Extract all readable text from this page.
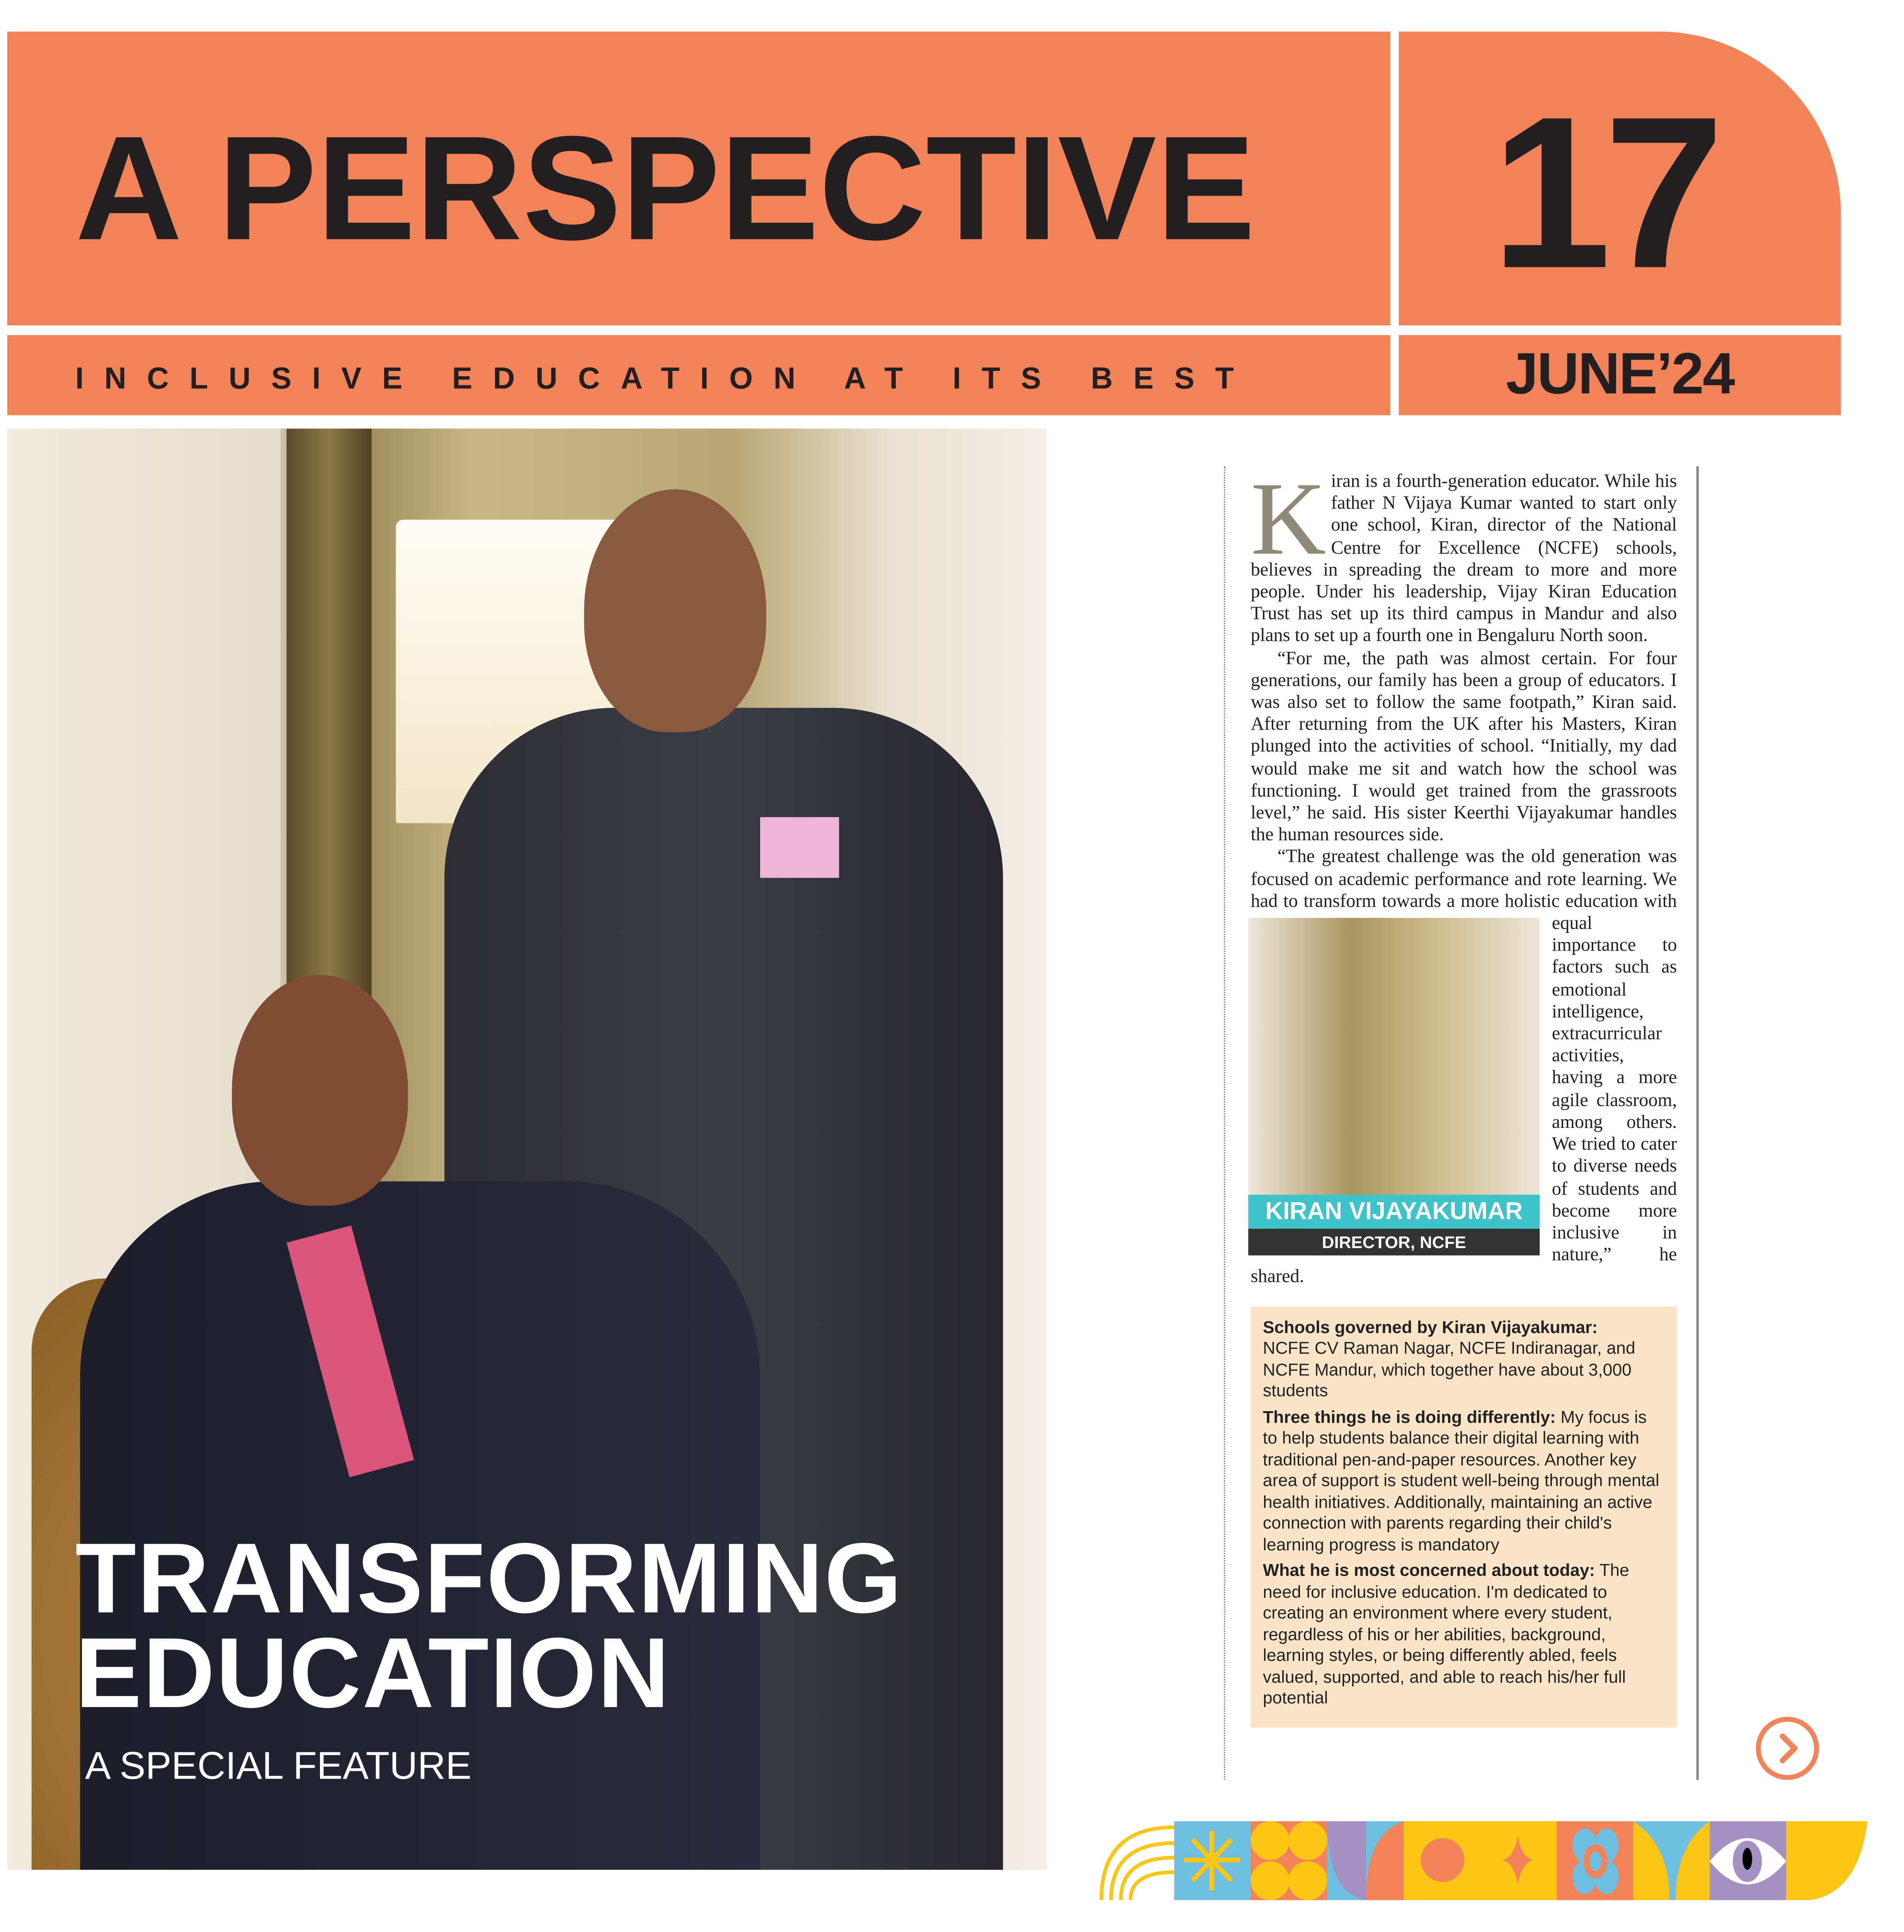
A PERSPECTIVE	17
INCLUSIVE EDUCATION AT ITS BEST	JUNE’24
TRANSFORMING
EDUCATION
A SPECIAL FEATURE

Kiran is a fourth-generation educator. While his father N Vijaya Kumar wanted to start only one school, Kiran, director of the National Centre for Excellence (NCFE) schools, believes in spreading the dream to more and more people. Under his leadership, Vijay Kiran Education Trust has set up its third campus in Mandur and also plans to set up a fourth one in Bengaluru North soon.

“For me, the path was almost certain. For four generations, our family has been a group of educators. I was also set to follow the same footpath,” Kiran said. After returning from the UK after his Masters, Kiran plunged into the activities of school. “Initially, my dad would make me sit and watch how the school was functioning. I would get trained from the grassroots level,” he said. His sister Keerthi Vijayakumar handles the human resources side.

“The greatest challenge was the old generation was focused on academic performance and rote learning. We had to transform towards a more
KIRAN VIJAYAKUMAR
DIRECTOR, NCFE
holistic education with equal importance to factors such as emotional intelligence, extracurricular activities, having a more agile classroom, among others. We tried to cater to diverse needs of students and become more inclusive in nature,” he shared.

Schools governed by Kiran Vijayakumar:
NCFE CV Raman Nagar, NCFE Indiranagar, and NCFE Mandur, which together have about 3,000 students

Three things he is doing differently: My focus is to help students balance their digital learning with traditional pen-and-paper resources. Another key area of support is student well-being through mental health initiatives. Additionally, maintaining an active connection with parents regarding their child's learning progress is mandatory

What he is most concerned about today: The need for inclusive education. I'm dedicated to creating an environment where every student, regardless of his or her abilities, background, learning styles, or being differently abled, feels valued, supported, and able to reach his/her full potential
